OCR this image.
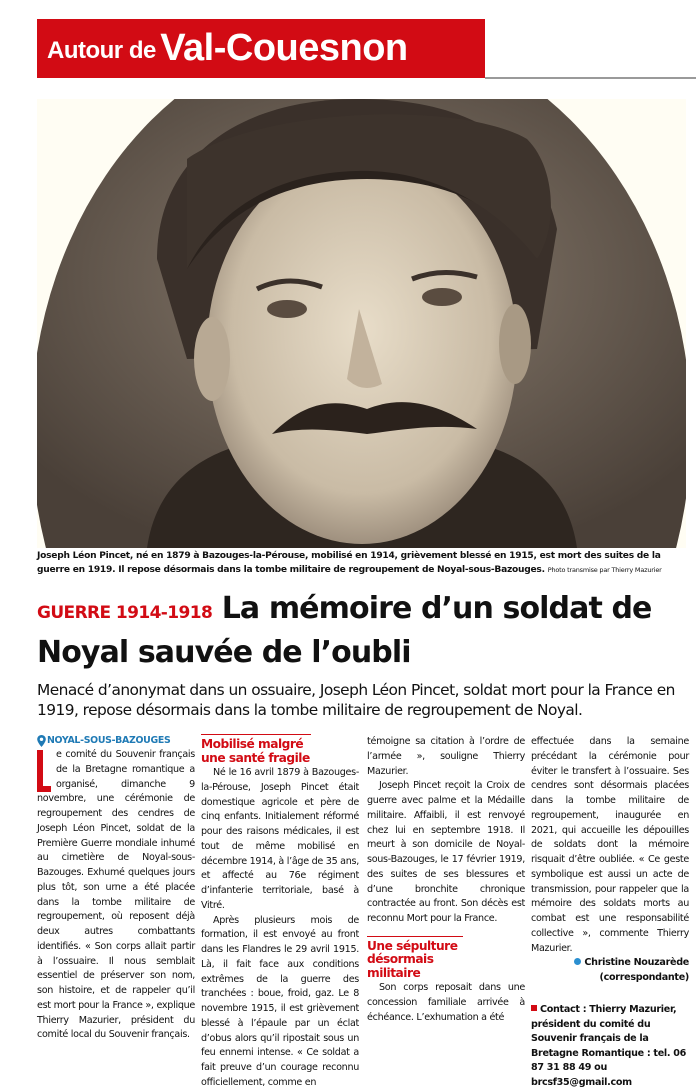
Autour de Val-Couesnon
Joseph Léon Pincet, né en 1879 à Bazouges-la-Pérouse, mobilisé en 1914, grièvement blessé en 1915, est mort des suites de la guerre en 1919. Il repose désormais dans la tombe militaire de regroupement de Noyal-sous-Bazouges. Photo transmise par Thierry Mazurier
GUERRE 1914-1918 La mémoire d’un soldat de Noyal sauvée de l’oubli
Menacé d’anonymat dans un ossuaire, Joseph Léon Pincet, soldat mort pour la France en 1919, repose désormais dans la tombe militaire de regroupement de Noyal.
NOYAL-SOUS-BAZOUGES

e comité du Souvenir français de la Bretagne romantique a organisé, dimanche 9 novembre, une cérémonie de regroupement des cendres de Joseph Léon Pincet, soldat de la Première Guerre mondiale inhumé au cimetière de Noyal-sous-Bazouges. Exhumé quelques jours plus tôt, son urne a été placée dans la tombe militaire de regroupement, où reposent déjà deux autres combattants identifiés. « Son corps allait partir à l’ossuaire. Il nous semblait essentiel de préserver son nom, son histoire, et de rappeler qu’il est mort pour la France », explique Thierry Mazurier, président du comité local du Souvenir français.

Mobilisé malgré une santé fragile

Né le 16 avril 1879 à Bazouges-la-Pérouse, Joseph Pincet était domestique agricole et père de cinq enfants. Initialement réformé pour des raisons médicales, il est tout de même mobilisé en décembre 1914, à l’âge de 35 ans, et affecté au 76e régiment d’infanterie territoriale, basé à Vitré.

Après plusieurs mois de formation, il est envoyé au front dans les Flandres le 29 avril 1915. Là, il fait face aux conditions extrêmes de la guerre des tranchées : boue, froid, gaz. Le 8 novembre 1915, il est grièvement blessé à l’épaule par un éclat d’obus alors qu’il ripostait sous un feu ennemi intense. « Ce soldat a fait preuve d’un courage reconnu officiellement, comme en

témoigne sa citation à l’ordre de l’armée », souligne Thierry Mazurier.

Joseph Pincet reçoit la Croix de guerre avec palme et la Médaille militaire. Affaibli, il est renvoyé chez lui en septembre 1918. Il meurt à son domicile de Noyal-sous-Bazouges, le 17 février 1919, des suites de ses blessures et d’une bronchite chronique contractée au front. Son décès est reconnu Mort pour la France.

Une sépulture désormais militaire

Son corps reposait dans une concession familiale arrivée à échéance. L’exhumation a été

effectuée dans la semaine précédant la cérémonie pour éviter le transfert à l’ossuaire. Ses cendres sont désormais placées dans la tombe militaire de regroupement, inaugurée en 2021, qui accueille les dépouilles de soldats dont la mémoire risquait d’être oubliée. « Ce geste symbolique est aussi un acte de transmission, pour rappeler que la mémoire des soldats morts au combat est une responsabilité collective », commente Thierry Mazurier.

Christine Nouzarède
(correspondante)
Contact : Thierry Mazurier, président du comité du Souvenir français de la Bretagne Romantique : tel. 06 87 31 88 49 ou brcsf35@gmail.com
